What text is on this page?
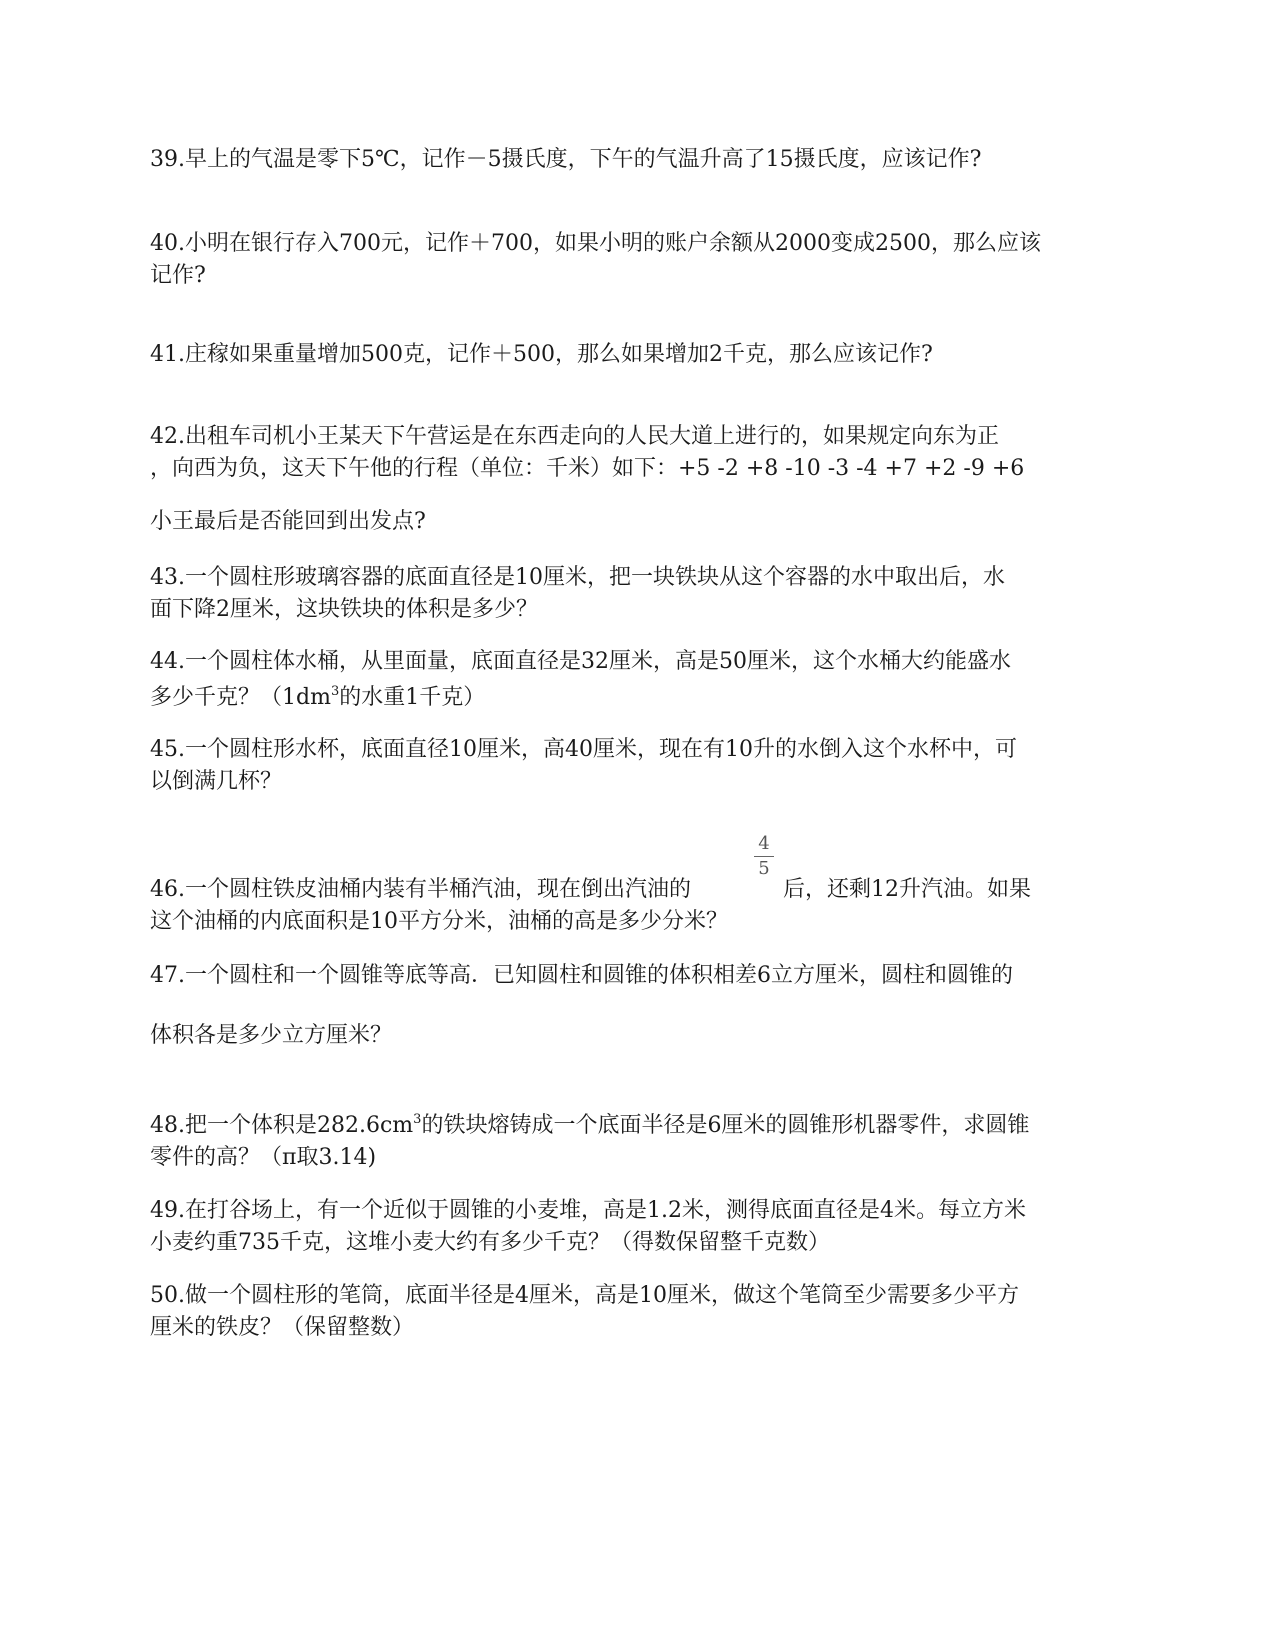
39.早上的气温是零下5℃，记作－5摄氏度，下午的气温升高了15摄氏度，应该记作?
40.小明在银行存入700元，记作＋700，如果小明的账户余额从2000变成2500，那么应该
记作?
41.庄稼如果重量增加500克，记作＋500，那么如果增加2千克，那么应该记作?
42.出租车司机小王某天下午营运是在东西走向的人民大道上进行的，如果规定向东为正
，向西为负，这天下午他的行程（单位：千米）如下：+5 -2 +8 -10 -3 -4 +7 +2 -9 +6
小王最后是否能回到出发点?
43.一个圆柱形玻璃容器的底面直径是10厘米，把一块铁块从这个容器的水中取出后，水
面下降2厘米，这块铁块的体积是多少？
44.一个圆柱体水桶，从里面量，底面直径是32厘米，高是50厘米，这个水桶大约能盛水
多少千克？（$1dm^3$的水重1千克）
45.一个圆柱形水杯，底面直径10厘米，高40厘米，现在有10升的水倒入这个水杯中，可
以倒满几杯？
46.一个圆柱铁皮油桶内装有半桶汽油，现在倒出汽油的	后，还剩12升汽油。如果
这个油桶的内底面积是10平方分米，油桶的高是多少分米？
4
5
47.一个圆柱和一个圆锥等底等高．已知圆柱和圆锥的体积相差6立方厘米，圆柱和圆锥的
体积各是多少立方厘米？
48.把一个体积是$282.6cm^3$的铁块熔铸成一个底面半径是6厘米的圆锥形机器零件，求圆锥
零件的高？（π取3.14)
49.在打谷场上，有一个近似于圆锥的小麦堆，高是1.2米，测得底面直径是4米。每立方米
小麦约重735千克，这堆小麦大约有多少千克？（得数保留整千克数）
50.做一个圆柱形的笔筒，底面半径是4厘米，高是10厘米，做这个笔筒至少需要多少平方
厘米的铁皮？（保留整数）
